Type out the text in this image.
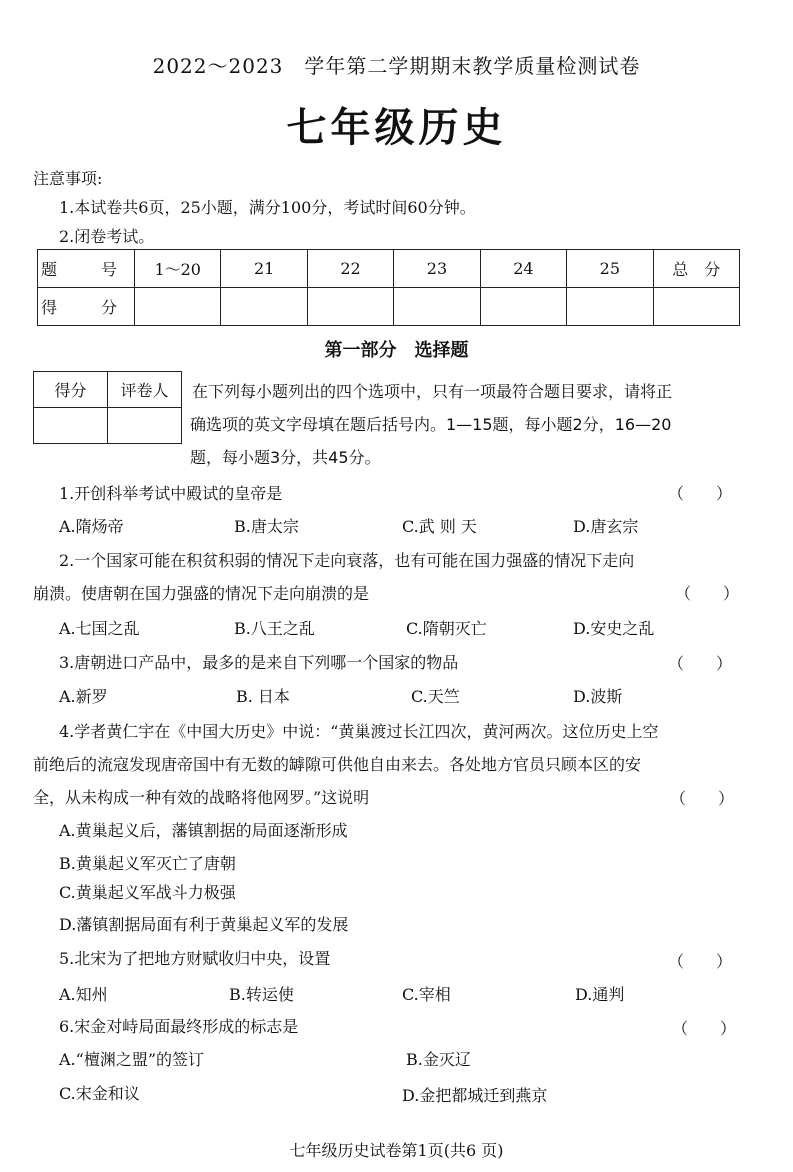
2022～2023　学年第二学期期末教学质量检测试卷
七年级历史
注意事项:
1.本试卷共6页，25小题，满分100分，考试时间60分钟。
2.闭卷考试。
题　号	1～20	21	22	23	24	25	总　分
得　分							
第一部分　选择题
得分	评卷人
	在下列每小题列出的四个选项中，只有一项最符合题目要求，请将正
确选项的英文字母填在题后括号内。1—15题，每小题2分，16—20
题，每小题3分，共45分。
1.开创科举考试中殿试的皇帝是	（　　）
A.隋炀帝	B.唐太宗	C.武 则 天	D.唐玄宗
2.一个国家可能在积贫积弱的情况下走向衰落，也有可能在国力强盛的情况下走向
崩溃。使唐朝在国力强盛的情况下走向崩溃的是	（　　）
A.七国之乱	B.八王之乱	C.隋朝灭亡	D.安史之乱
3.唐朝进口产品中，最多的是来自下列哪一个国家的物品	（　　）
A.新罗	B. 日本	C.天竺	D.波斯
4.学者黄仁宇在《中国大历史》中说：“黄巢渡过长江四次，黄河两次。这位历史上空
前绝后的流寇发现唐帝国中有无数的罅隙可供他自由来去。各处地方官员只顾本区的安
全，从未构成一种有效的战略将他网罗。”这说明	（　　）
A.黄巢起义后，藩镇割据的局面逐渐形成
B.黄巢起义军灭亡了唐朝
C.黄巢起义军战斗力极强
D.藩镇割据局面有利于黄巢起义军的发展
5.北宋为了把地方财赋收归中央，设置	（　　）
A.知州	B.转运使	C.宰相	D.通判
6.宋金对峙局面最终形成的标志是	（　　）
A.“檀渊之盟”的签订	B.金灭辽
C.宋金和议	D.金把都城迁到燕京
七年级历史试卷第1页(共6 页)
